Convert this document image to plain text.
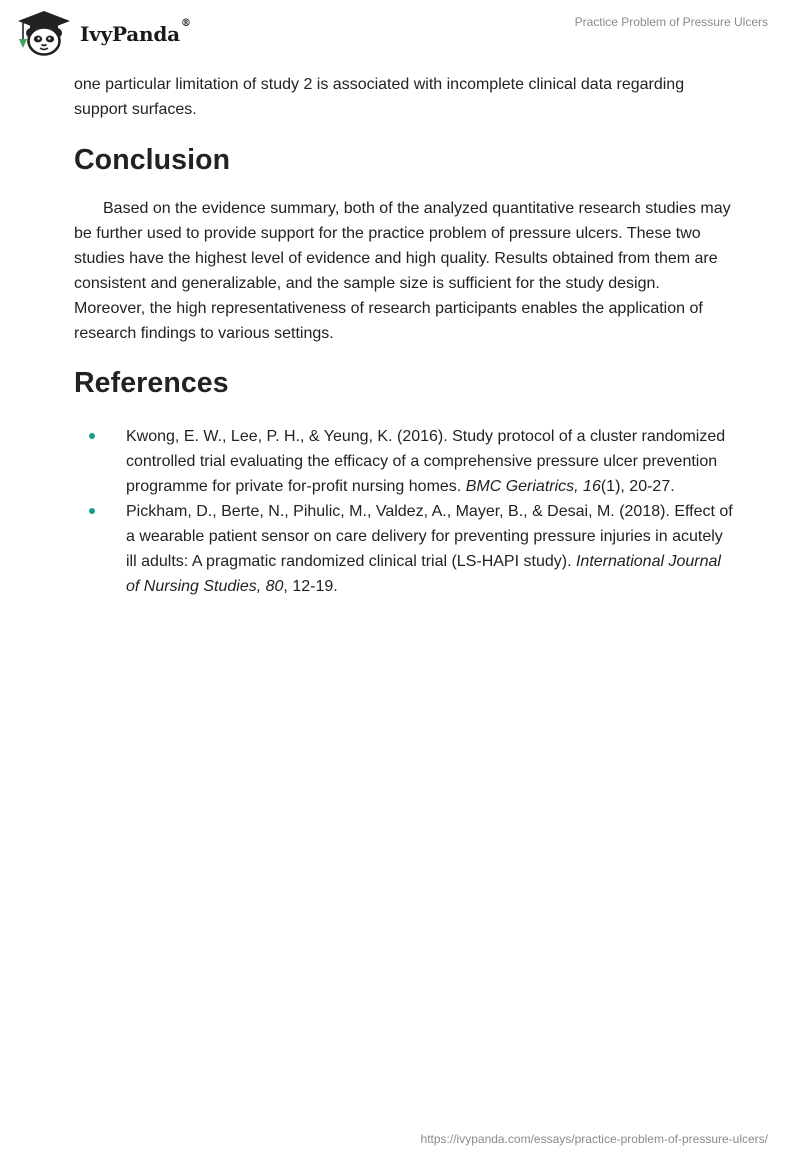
IvyPanda®	Practice Problem of Pressure Ulcers

one particular limitation of study 2 is associated with incomplete clinical data regarding support surfaces.

Conclusion

Based on the evidence summary, both of the analyzed quantitative research studies may be further used to provide support for the practice problem of pressure ulcers. These two studies have the highest level of evidence and high quality. Results obtained from them are consistent and generalizable, and the sample size is sufficient for the study design. Moreover, the high representativeness of research participants enables the application of research findings to various settings.

References
Kwong, E. W., Lee, P. H., & Yeung, K. (2016). Study protocol of a cluster randomized controlled trial evaluating the efficacy of a comprehensive pressure ulcer prevention programme for private for-profit nursing homes. BMC Geriatrics, 16(1), 20-27.
Pickham, D., Berte, N., Pihulic, M., Valdez, A., Mayer, B., & Desai, M. (2018). Effect of a wearable patient sensor on care delivery for preventing pressure injuries in acutely ill adults: A pragmatic randomized clinical trial (LS-HAPI study). International Journal of Nursing Studies, 80, 12-19.
https://ivypanda.com/essays/practice-problem-of-pressure-ulcers/
